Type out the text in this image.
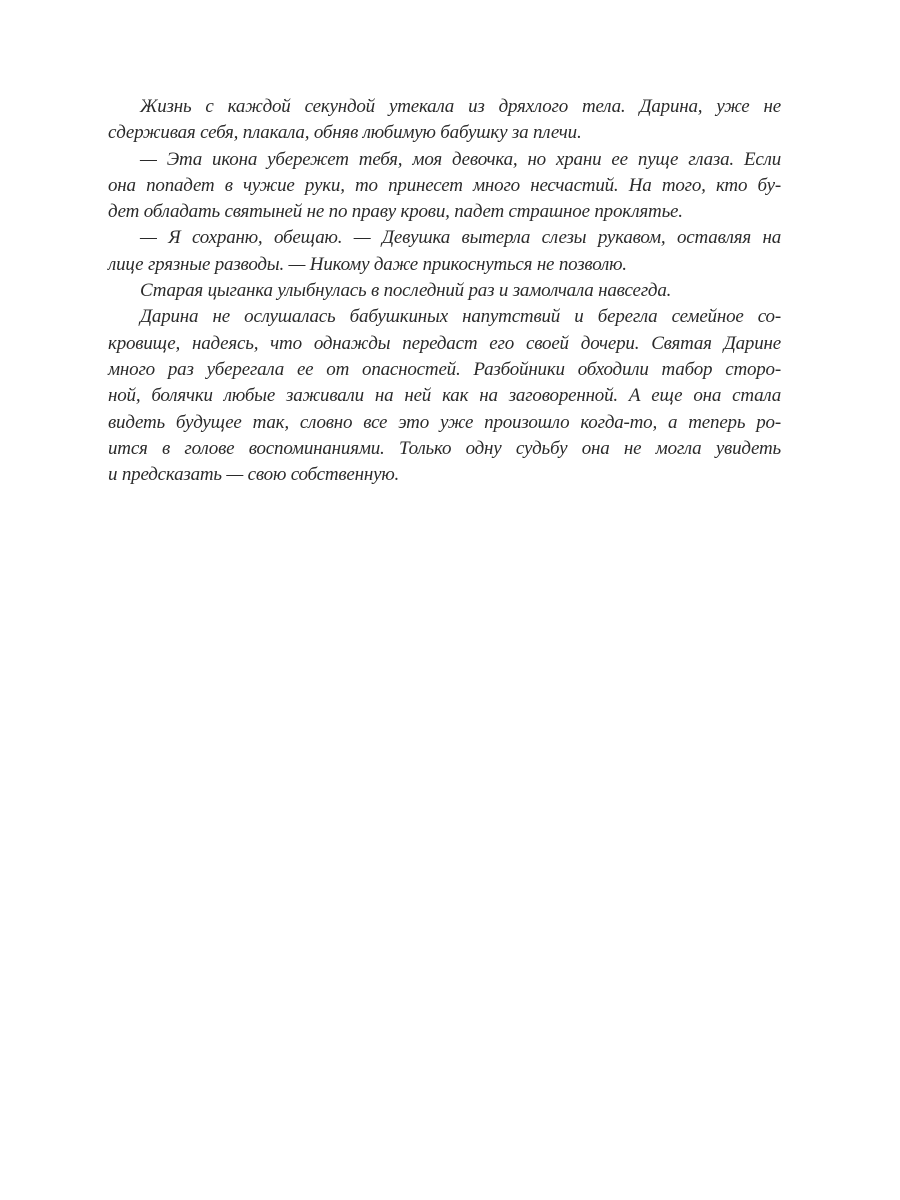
Жизнь с каждой секундой утекала из дряхлого тела. Дарина, уже не
сдерживая себя, плакала, обняв любимую бабушку за плечи.
— Эта икона убережет тебя, моя девочка, но храни ее пуще глаза. Если
она попадет в чужие руки, то принесет много несчастий. На того, кто бу-
дет обладать святыней не по праву крови, падет страшное проклятье.
— Я сохраню, обещаю. — Девушка вытерла слезы рукавом, оставляя на
лице грязные разводы. — Никому даже прикоснуться не позволю.
Старая цыганка улыбнулась в последний раз и замолчала навсегда.
Дарина не ослушалась бабушкиных напутствий и берегла семейное со-
кровище, надеясь, что однажды передаст его своей дочери. Святая Дарине
много раз уберегала ее от опасностей. Разбойники обходили табор сторо-
ной, болячки любые заживали на ней как на заговоренной. А еще она стала
видеть будущее так, словно все это уже произошло когда-то, а теперь ро-
ится в голове воспоминаниями. Только одну судьбу она не могла увидеть
и предсказать — свою собственную.
